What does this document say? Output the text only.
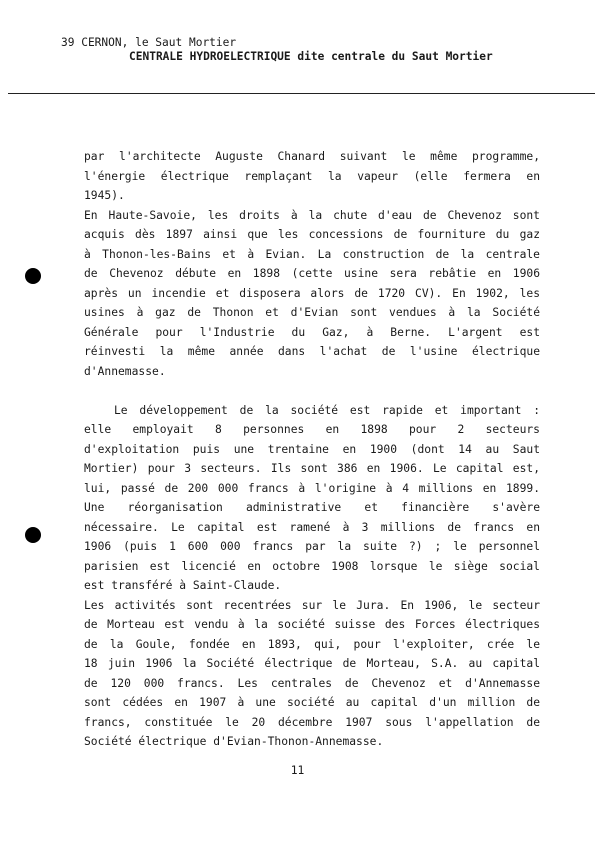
39 CERNON, le Saut Mortier
CENTRALE HYDROELECTRIQUE dite centrale du Saut Mortier

par l'architecte Auguste Chanard suivant le même programme,
l'énergie électrique remplaçant la vapeur (elle fermera en
1945).

En Haute-Savoie, les droits à la chute d'eau de Chevenoz sont
acquis dès 1897 ainsi que les concessions de fourniture du gaz
à Thonon-les-Bains et à Evian. La construction de la centrale
de Chevenoz débute en 1898 (cette usine sera rebâtie en 1906
après un incendie et disposera alors de 1720 CV). En 1902, les
usines à gaz de Thonon et d'Evian sont vendues à la Société
Générale pour l'Industrie du Gaz, à Berne. L'argent est
réinvesti la même année dans l'achat de l'usine électrique
d'Annemasse.

Le développement de la société est rapide et important :
elle employait 8 personnes en 1898 pour 2 secteurs
d'exploitation puis une trentaine en 1900 (dont 14 au Saut
Mortier) pour 3 secteurs. Ils sont 386 en 1906. Le capital est,
lui, passé de 200 000 francs à l'origine à 4 millions en 1899.
Une réorganisation administrative et financière s'avère
nécessaire. Le capital est ramené à 3 millions de francs en
1906 (puis 1 600 000 francs par la suite ?) ; le personnel
parisien est licencié en octobre 1908 lorsque le siège social
est transféré à Saint-Claude.

Les activités sont recentrées sur le Jura. En 1906, le secteur
de Morteau est vendu à la société suisse des Forces électriques
de la Goule, fondée en 1893, qui, pour l'exploiter, crée le
18 juin 1906 la Société électrique de Morteau, S.A. au capital
de 120 000 francs. Les centrales de Chevenoz et d'Annemasse
sont cédées en 1907 à une société au capital d'un million de
francs, constituée le 20 décembre 1907 sous l'appellation de
Société électrique d'Evian-Thonon-Annemasse.

11
